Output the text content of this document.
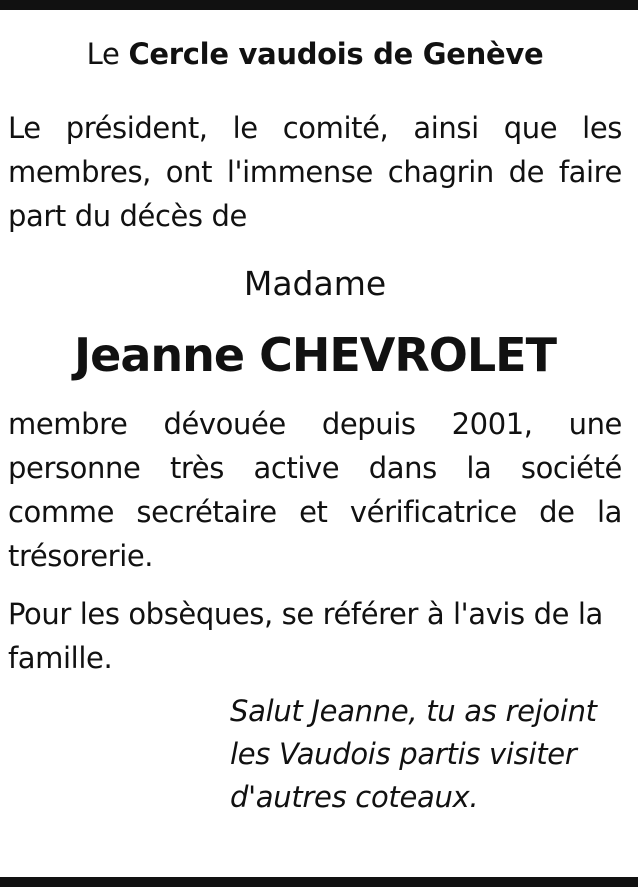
Le Cercle vaudois de Genève

Le président, le comité, ainsi que les membres, ont l'immense chagrin de faire part du décès de

Madame

Jeanne CHEVROLET

membre dévouée depuis 2001, une personne très active dans la société comme secrétaire et vérificatrice de la trésorerie.

Pour les obsèques, se référer à l'avis de la famille.

Salut Jeanne, tu as rejoint
les Vaudois partis visiter
d'autres coteaux.
